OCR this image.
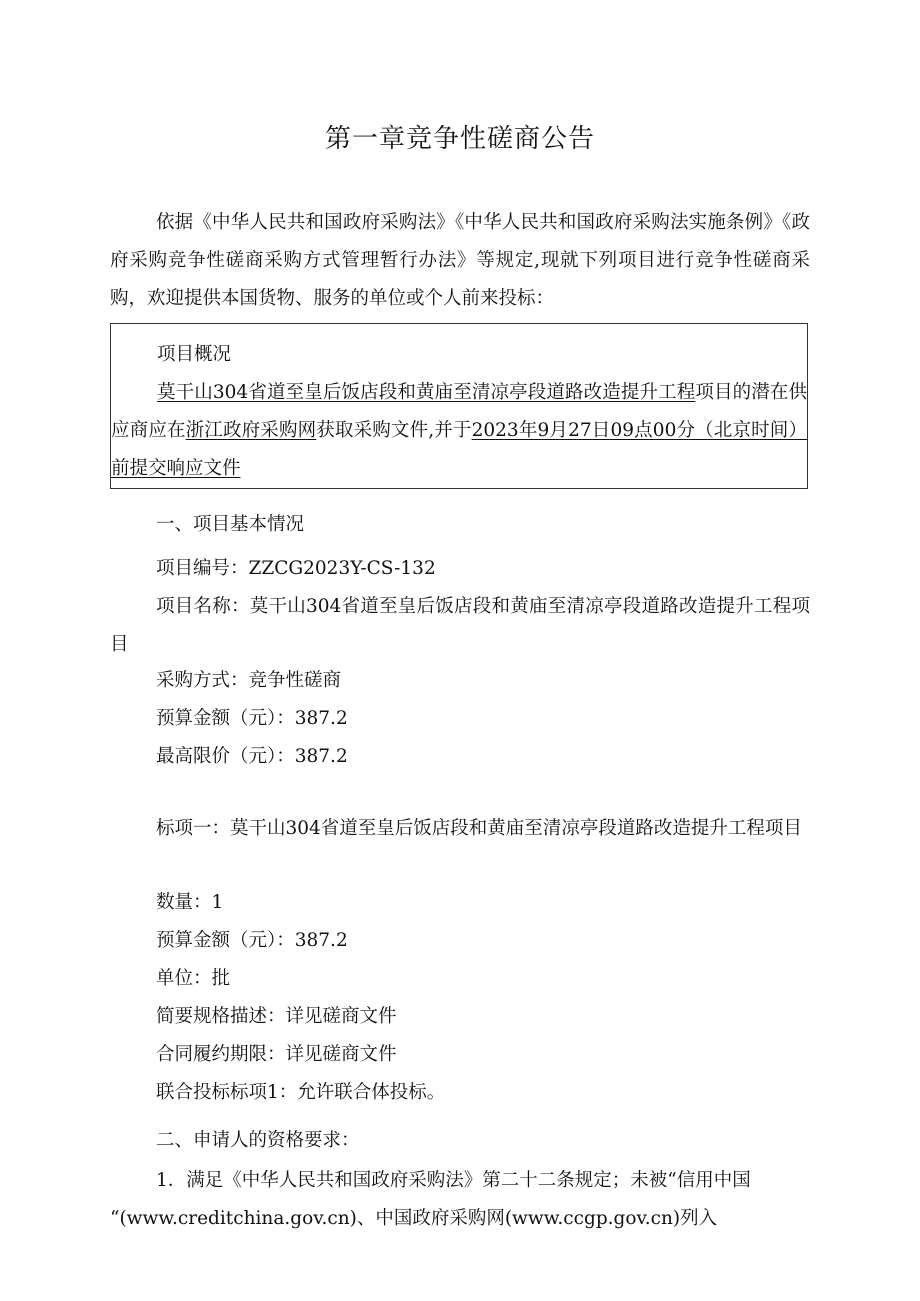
第一章竞争性磋商公告
依据《中华人民共和国政府采购法》《中华人民共和国政府采购法实施条例》《政府采购竞争性磋商采购方式管理暂行办法》等规定,现就下列项目进行竞争性磋商采购，欢迎提供本国货物、服务的单位或个人前来投标：
项目概况
莫干山304省道至皇后饭店段和黄庙至清凉亭段道路改造提升工程项目的潜在供应商应在浙江政府采购网获取采购文件,并于2023年9月27日09点00分（北京时间）前提交响应文件
一、项目基本情况
项目编号：ZZCG2023Y-CS-132
项目名称：莫干山304省道至皇后饭店段和黄庙至清凉亭段道路改造提升工程项目
采购方式：竞争性磋商
预算金额（元）：387.2
最高限价（元）：387.2
标项一：莫干山304省道至皇后饭店段和黄庙至清凉亭段道路改造提升工程项目
数量：1
预算金额（元）：387.2
单位：批
简要规格描述：详见磋商文件
合同履约期限：详见磋商文件
联合投标标项1：允许联合体投标。
二、申请人的资格要求：
1．满足《中华人民共和国政府采购法》第二十二条规定；未被“信用中国
“(www.creditchina.gov.cn)、中国政府采购网(www.ccgp.gov.cn)列入
